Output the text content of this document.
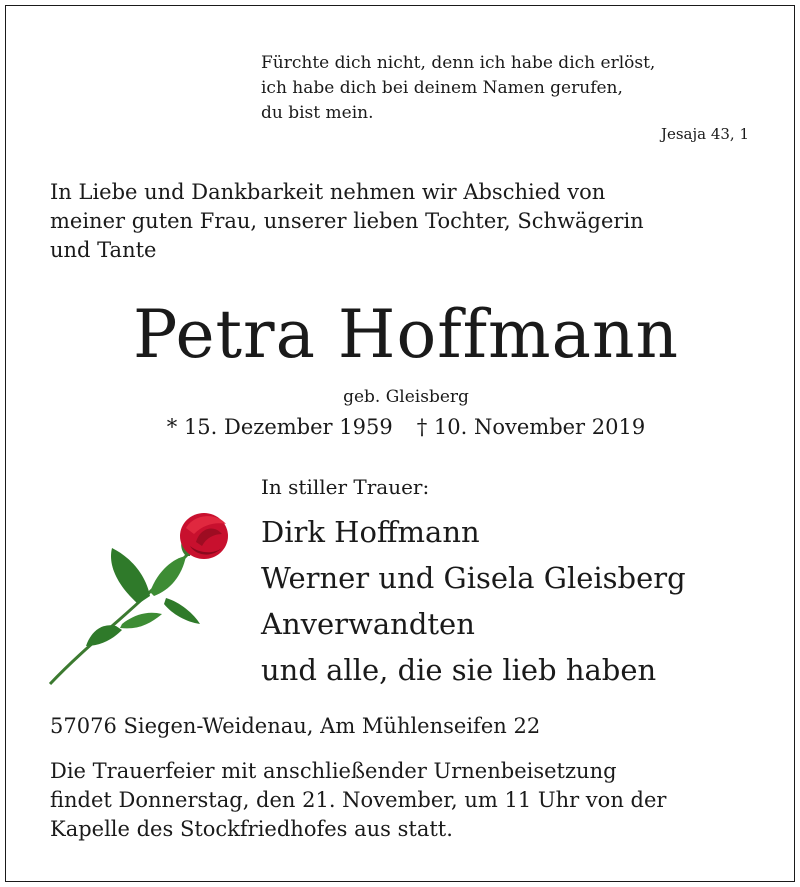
Fürchte dich nicht, denn ich habe dich erlöst,
ich habe dich bei deinem Namen gerufen,
du bist mein.
Jesaja 43, 1
In Liebe und Dankbarkeit nehmen wir Abschied von
meiner guten Frau, unserer lieben Tochter, Schwägerin
und Tante
Petra Hoffmann
geb. Gleisberg
* 15. Dezember 1959 † 10. November 2019
In stiller Trauer:
Dirk Hoffmann
Werner und Gisela Gleisberg
Anverwandten
und alle, die sie lieb haben
57076 Siegen-Weidenau, Am Mühlenseifen 22
Die Trauerfeier mit anschließender Urnenbeisetzung
findet Donnerstag, den 21. November, um 11 Uhr von der
Kapelle des Stockfriedhofes aus statt.
